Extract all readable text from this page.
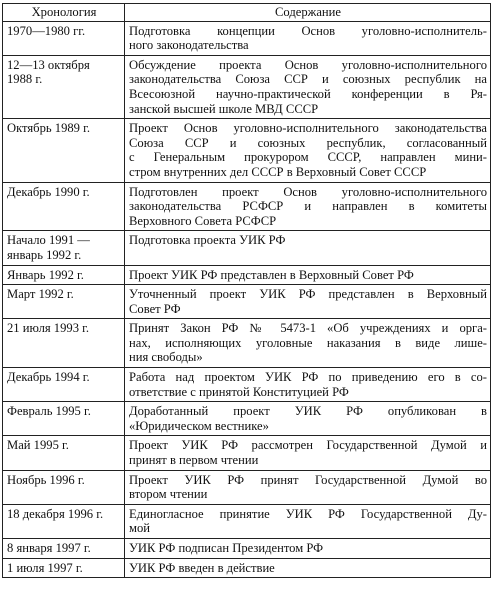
Хронология	Содержание

1970—1980 гг.	Подготовка концепции Основ уголовно-исполнитель-
ного законодательства

12—13 октября
1988 г.	Обсуждение проекта Основ уголовно-исполнительного
законодательства Союза ССР и союзных республик на
Всесоюзной научно-практической конференции в Ря-
занской высшей школе МВД СССР

Октябрь 1989 г.	Проект Основ уголовно-исполнительного законодательства
Союза ССР и союзных республик, согласованный
с Генеральным прокурором СССР, направлен мини-
стром внутренних дел СССР в Верховный Совет СССР

Декабрь 1990 г.	Подготовлен проект Основ уголовно-исполнительного
законодательства РСФСР и направлен в комитеты
Верховного Совета РСФСР

Начало 1991 —
январь 1992 г.	Подготовка проекта УИК РФ

Январь 1992 г.	Проект УИК РФ представлен в Верховный Совет РФ

Март 1992 г.	Уточненный проект УИК РФ представлен в Верховный
Совет РФ

21 июля 1993 г.	Принят Закон РФ № 5473-1 «Об учреждениях и орга-
нах, исполняющих уголовные наказания в виде лише-
ния свободы»

Декабрь 1994 г.	Работа над проектом УИК РФ по приведению его в со-
ответствие с принятой Конституцией РФ

Февраль 1995 г.	Доработанный проект УИК РФ опубликован в
«Юридическом вестнике»

Май 1995 г.	Проект УИК РФ рассмотрен Государственной Думой и
принят в первом чтении

Ноябрь 1996 г.	Проект УИК РФ принят Государственной Думой во
втором чтении

18 декабря 1996 г.	Единогласное принятие УИК РФ Государственной Ду-
мой

8 января 1997 г.	УИК РФ подписан Президентом РФ

1 июля 1997 г.	УИК РФ введен в действие
